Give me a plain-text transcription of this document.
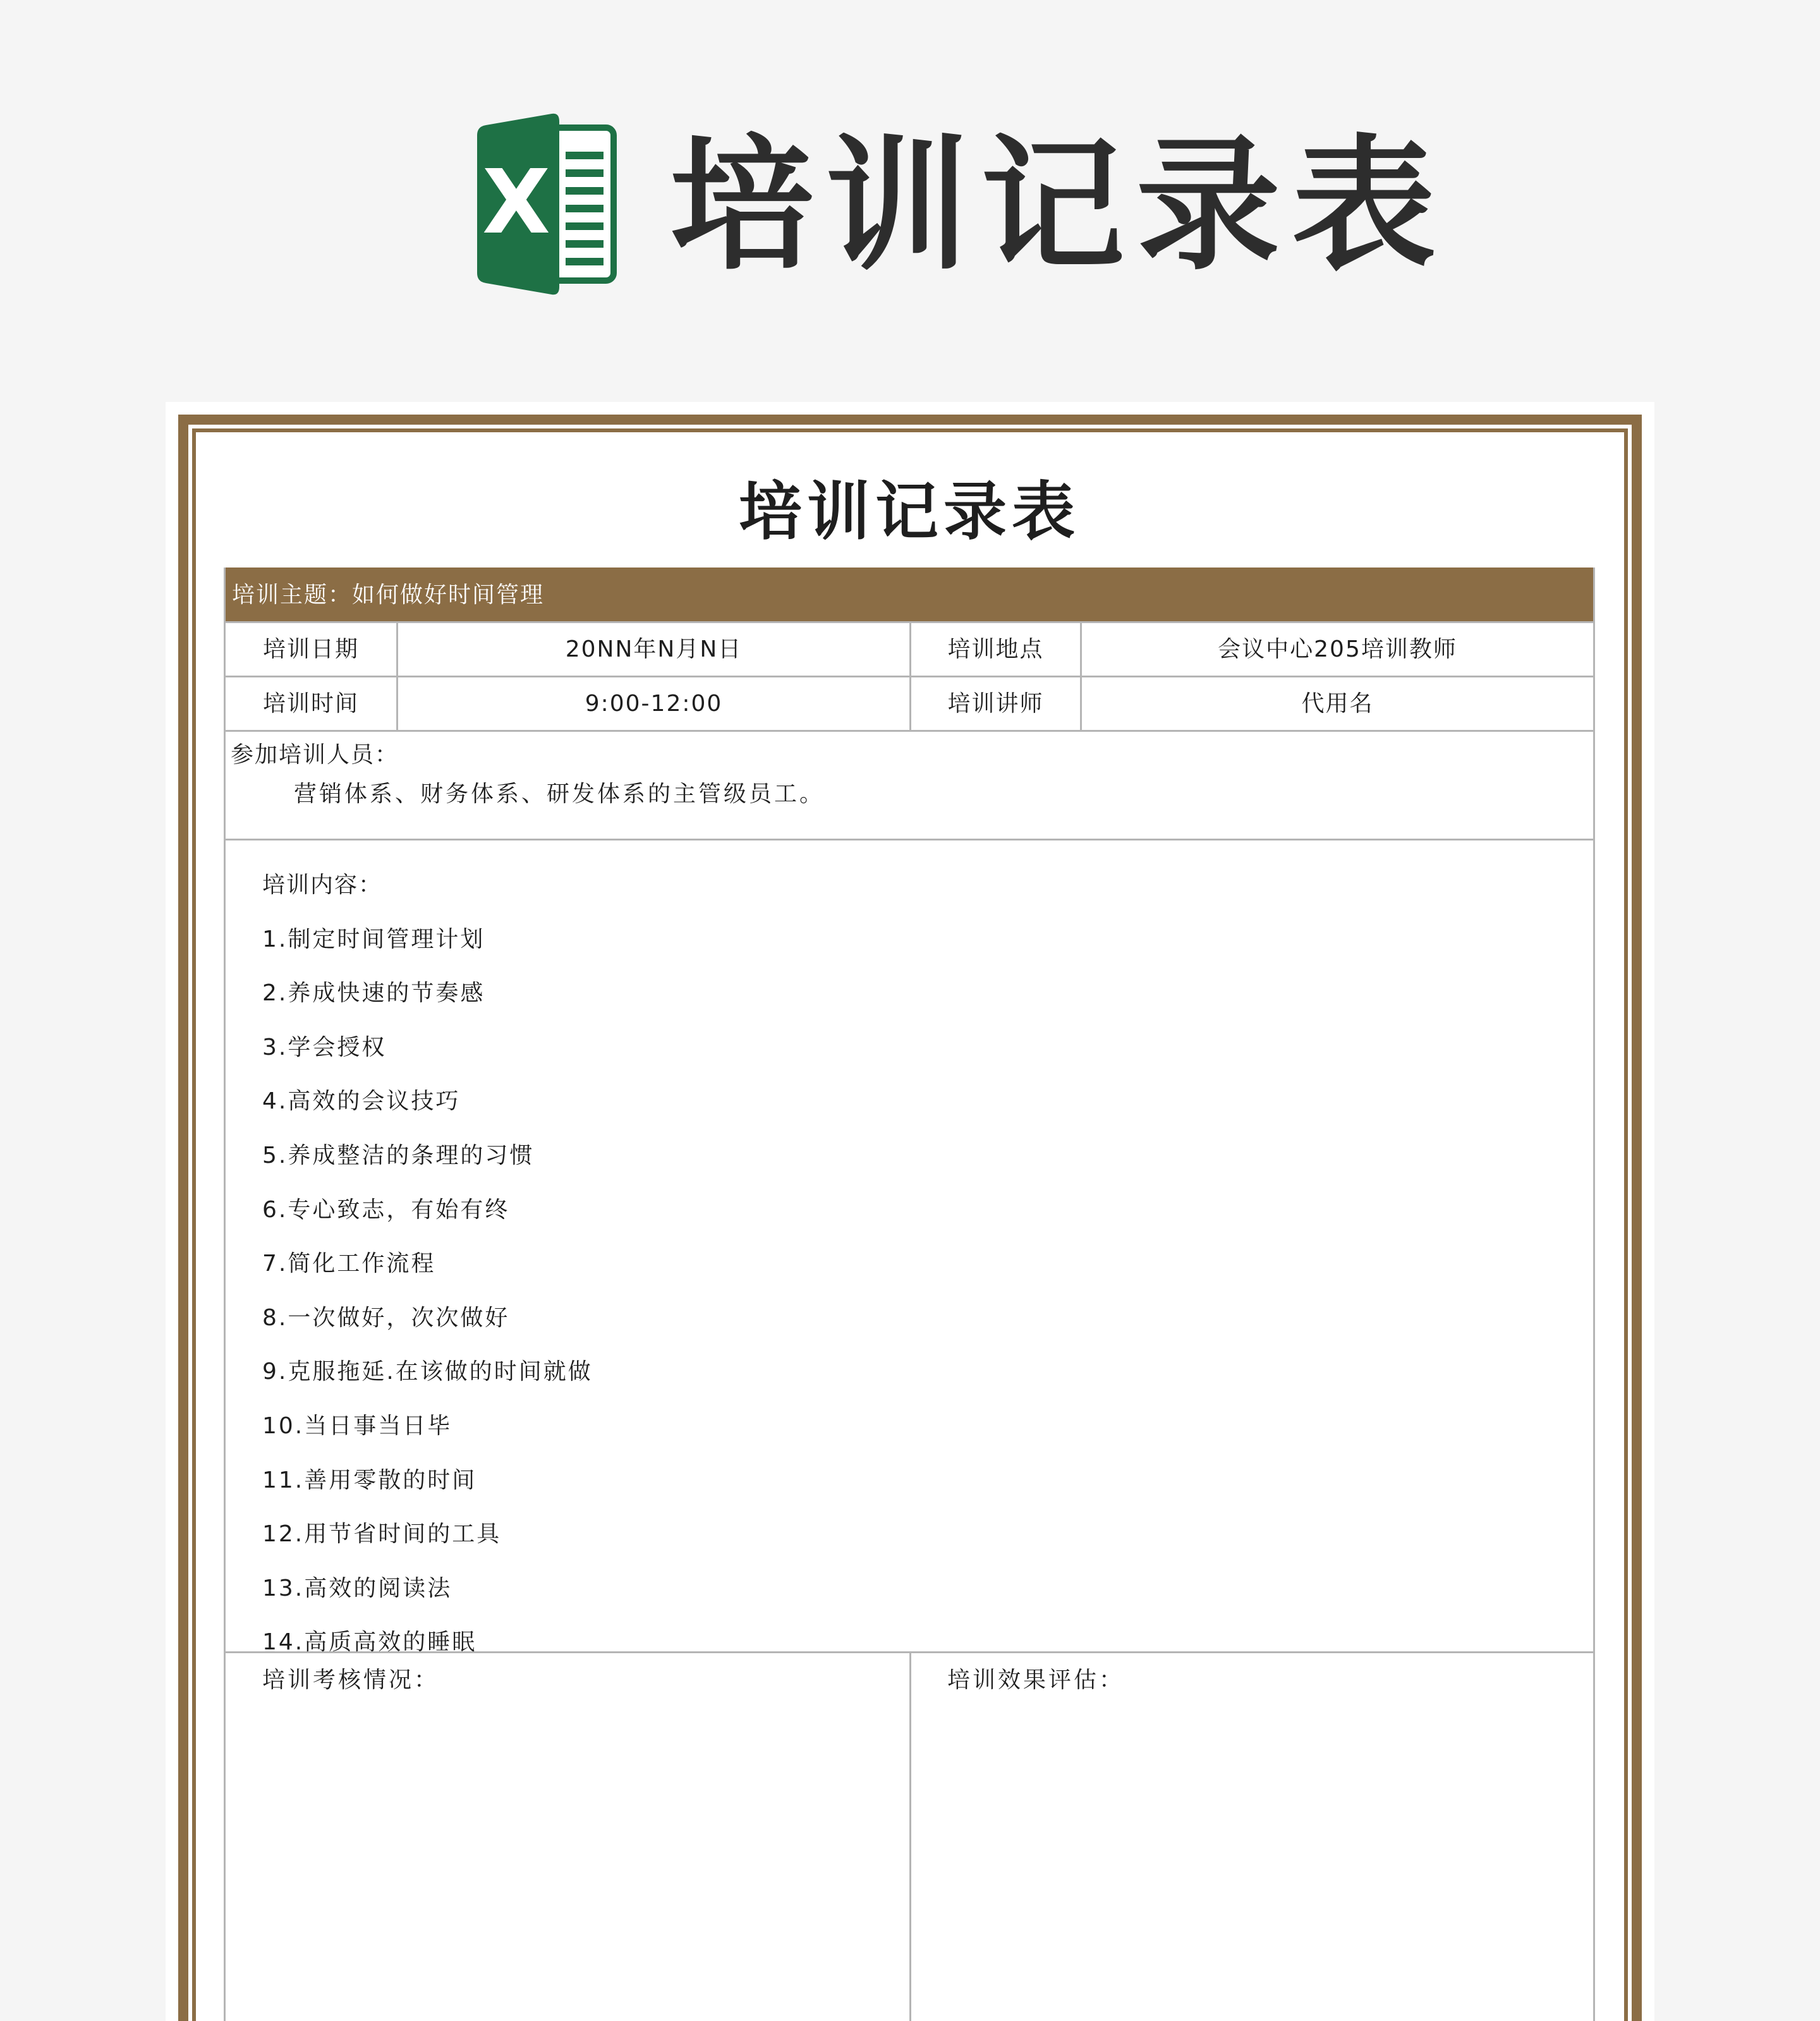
X 培训记录表
培训记录表
培训主题：如何做好时间管理
培训日期	20NN年N月N日	培训地点	会议中心205培训教师
培训时间	9:00-12:00	培训讲师	代用名
参加培训人员：
营销体系、财务体系、研发体系的主管级员工。
培训内容：
1.制定时间管理计划
2.养成快速的节奏感
3.学会授权
4.高效的会议技巧
5.养成整洁的条理的习惯
6.专心致志，有始有终
7.简化工作流程
8.一次做好，次次做好
9.克服拖延.在该做的时间就做
10.当日事当日毕
11.善用零散的时间
12.用节省时间的工具
13.高效的阅读法
14.高质高效的睡眠
培训考核情况：	培训效果评估：
